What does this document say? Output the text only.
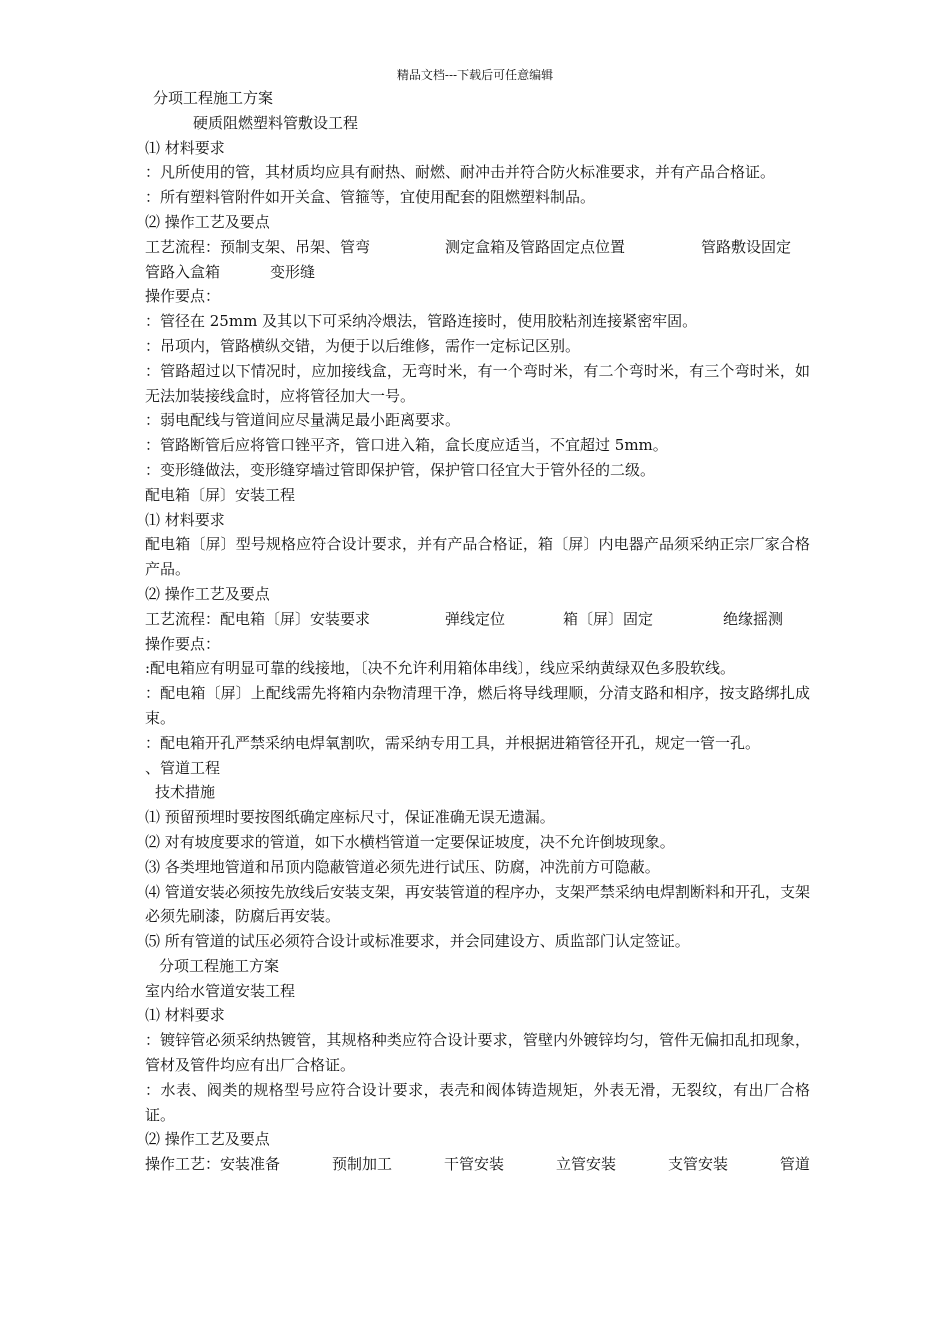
精品文档---下载后可任意编辑
分项工程施工方案
硬质阻燃塑料管敷设工程
⑴ 材料要求
：凡所使用的管，其材质均应具有耐热、耐燃、耐冲击并符合防火标准要求，并有产品合格证。
：所有塑料管附件如开关盒、管箍等，宜使用配套的阻燃塑料制品。
⑵ 操作工艺及要点
工艺流程：预制支架、吊架、管弯	测定盒箱及管路固定点位置	管路敷设固定
管路入盒箱	变形缝
操作要点：
：管径在 25mm 及其以下可采纳冷煨法，管路连接时，使用胶粘剂连接紧密牢固。
：吊项内，管路横纵交错，为便于以后维修，需作一定标记区别。
：管路超过以下情况时，应加接线盒，无弯时米，有一个弯时米，有二个弯时米，有三个弯时米，如无法加装接线盒时，应将管径加大一号。
：弱电配线与管道间应尽量满足最小距离要求。
：管路断管后应将管口锉平齐，管口进入箱，盒长度应适当，不宜超过 5mm。
：变形缝做法，变形缝穿墙过管即保护管，保护管口径宜大于管外径的二级。
配电箱〔屏〕安装工程
⑴ 材料要求
配电箱〔屏〕型号规格应符合设计要求，并有产品合格证，箱〔屏〕内电器产品须采纳正宗厂家合格产品。
⑵ 操作工艺及要点
工艺流程：配电箱〔屏〕安装要求	弹线定位	箱〔屏〕固定	绝缘摇测
操作要点：
:配电箱应有明显可靠的线接地，〔决不允许利用箱体串线〕，线应采纳黄绿双色多股软线。
：配电箱〔屏〕上配线需先将箱内杂物清理干净，燃后将导线理顺，分清支路和相序，按支路绑扎成束。
：配电箱开孔严禁采纳电焊氧割吹，需采纳专用工具，并根据进箱管径开孔，规定一管一孔。
、管道工程
技术措施
⑴ 预留预埋时要按图纸确定座标尺寸，保证准确无误无遗漏。
⑵ 对有坡度要求的管道，如下水横档管道一定要保证坡度，决不允许倒坡现象。
⑶ 各类埋地管道和吊顶内隐蔽管道必须先进行试压、防腐，冲洗前方可隐蔽。
⑷ 管道安装必须按先放线后安装支架，再安装管道的程序办，支架严禁采纳电焊割断料和开孔，支架必须先刷漆，防腐后再安装。
⑸ 所有管道的试压必须符合设计或标准要求，并会同建设方、质监部门认定签证。
分项工程施工方案
室内给水管道安装工程
⑴ 材料要求
：镀锌管必须采纳热镀管，其规格种类应符合设计要求，管壁内外镀锌均匀，管件无偏扣乱扣现象，管材及管件均应有出厂合格证。
：水表、阀类的规格型号应符合设计要求，表壳和阀体铸造规矩，外表无滑，无裂纹，有出厂合格证。
⑵ 操作工艺及要点
操作工艺：安装准备	预制加工	干管安装	立管安装	支管安装	管道
